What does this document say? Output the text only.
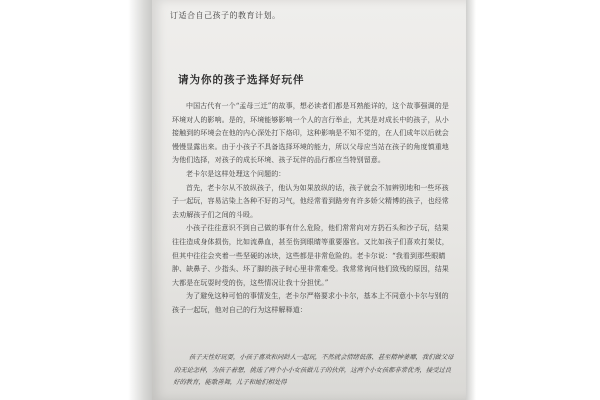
订适合自己孩子的教育计划。
请为你的孩子选择好玩伴

中国古代有一个“孟母三迁”的故事，想必读者们都是耳熟能详的，这个故事强调的是环境对人的影响。是的，环境能够影响一个人的言行举止，尤其是对成长中的孩子，从小接触到的环境会在他的内心深处打下烙印，这种影响是不知不觉的，在人们成年以后就会慢慢显露出来。由于小孩子不具备选择环境的能力，所以父母应当站在孩子的角度慎重地为他们选择，对孩子的成长环境、孩子玩伴的品行都应当特别留意。

老卡尔是这样处理这个问题的：

首先，老卡尔从不放纵孩子，他认为如果放纵的话，孩子就会不加辨别地和一些坏孩子一起玩，容易沾染上各种不好的习气，他经常看到路旁有许多娇父精博的孩子，也经常去劝解孩子们之间的斗殴。

小孩子往往意识不到自己做的事有什么危险，他们常常向对方扔石头和沙子玩，结果往往造成身体损伤，比如流鼻血，甚至伤到眼睛等重要器官。又比如孩子们喜欢打架仗，但其中往往会夹着一些坚硬的冰块，这些都是非常危险的。老卡尔说：“我看到那些眼睛肿、缺鼻子、少指头、坏了脚的孩子时心里非常难受。我常常询问他们致残的原因，结果大都是在玩耍时受的伤，这些情况让我十分担忧。”

为了避免这种可怕的事情发生，老卡尔严格要求小卡尔，基本上不同意小卡尔与别的孩子一起玩，他对自己的行为这样解释道：

孩子天性好玩耍，小孩子喜欢和同龄人一起玩，不然就会情绪低落、甚至精神萎靡，我们做父母的无论怎样，为孩子着想，挑选了两个小小女孩做儿子的伙伴，这两个小女孩都非常优秀，接受过良好的教育，能歌善舞，儿子和她们相处得
